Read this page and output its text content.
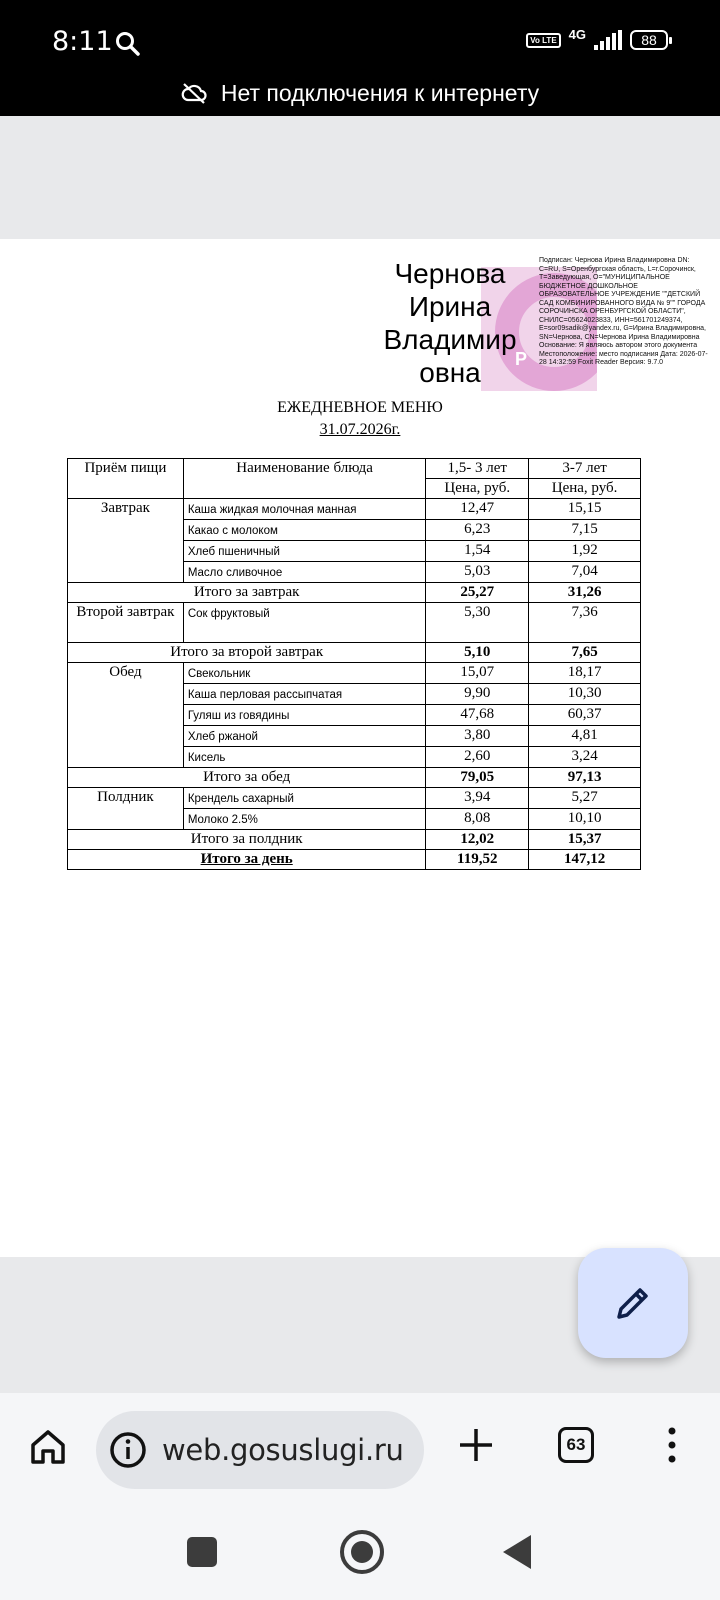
8:11	Vo LTE 4G	88
Нет подключения к интернету
Р
Чернова Ирина Владимир овна
Подписан: Чернова Ирина Владимировна DN: C=RU, S=Оренбургская область, L=г.Сорочинск, T=Заведующая, O="МУНИЦИПАЛЬНОЕ БЮДЖЕТНОЕ ДОШКОЛЬНОЕ ОБРАЗОВАТЕЛЬНОЕ УЧРЕЖДЕНИЕ ""ДЕТСКИЙ САД КОМБИНИРОВАННОГО ВИДА № 9"" ГОРОДА СОРОЧИНСКА ОРЕНБУРГСКОЙ ОБЛАСТИ", СНИЛС=05624023833, ИНН=561701249374, E=sor09sadik@yandex.ru, G=Ирина Владимировна, SN=Чернова, CN=Чернова Ирина Владимировна Основание: Я являюсь автором этого документа Местоположение: место подписания Дата: 2026-07-28 14:32:59 Foxit Reader Версия: 9.7.0
ЕЖЕДНЕВНОЕ МЕНЮ
31.07.2026г.
Приём пищи	Наименование блюда	1,5- 3 лет	3-7 лет
		Цена, руб.	Цена, руб.
Завтрак	Каша жидкая молочная манная	12,47	15,15
	Какао с молоком	6,23	7,15
	Хлеб пшеничный	1,54	1,92
	Масло сливочное	5,03	7,04
Итого за завтрак		25,27	31,26
Второй завтрак	Сок фруктовый	5,30	7,36
Итого за второй завтрак		5,10	7,65
Обед	Свекольник	15,07	18,17
	Каша перловая рассыпчатая	9,90	10,30
	Гуляш из говядины	47,68	60,37
	Хлеб ржаной	3,80	4,81
	Кисель	2,60	3,24
Итого за обед		79,05	97,13
Полдник	Крендель сахарный	3,94	5,27
	Молоко 2.5%	8,08	10,10
Итого за полдник		12,02	15,37
Итого за день		119,52	147,12
web.gosuslugi.ru	63
